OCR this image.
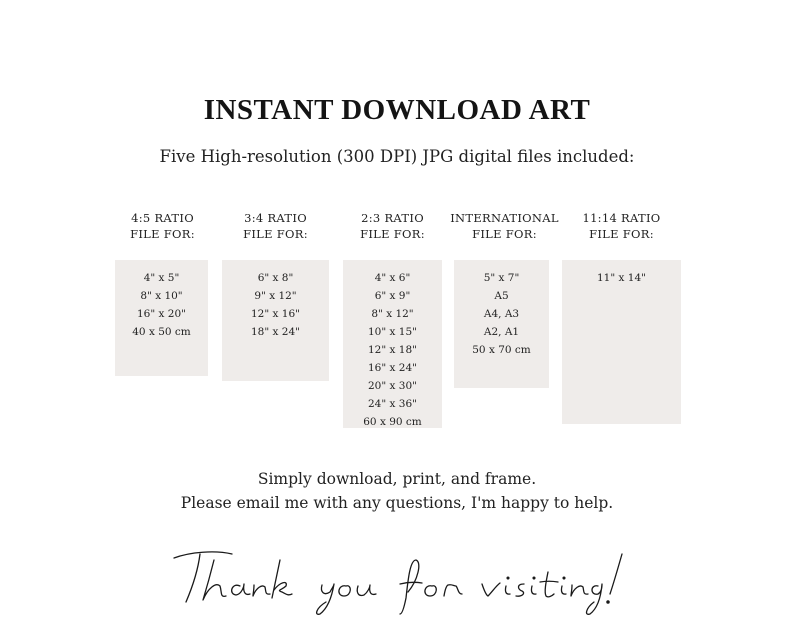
INSTANT DOWNLOAD ART
Five High-resolution (300 DPI) JPG digital files included:
4:5 RATIO
FILE FOR:
4" x 5"
8" x 10"
16" x 20"
40 x 50 cm
3:4 RATIO
FILE FOR:
6" x 8"
9" x 12"
12" x 16"
18" x 24"
2:3 RATIO
FILE FOR:
4" x 6"
6" x 9"
8" x 12"
10" x 15"
12" x 18"
16" x 24"
20" x 30"
24" x 36"
60 x 90 cm
INTERNATIONAL
FILE FOR:
5" x 7"
A5
A4, A3
A2, A1
50 x 70 cm
11:14 RATIO
FILE FOR:
11" x 14"
Simply download, print, and frame.
Please email me with any questions, I'm happy to help.
